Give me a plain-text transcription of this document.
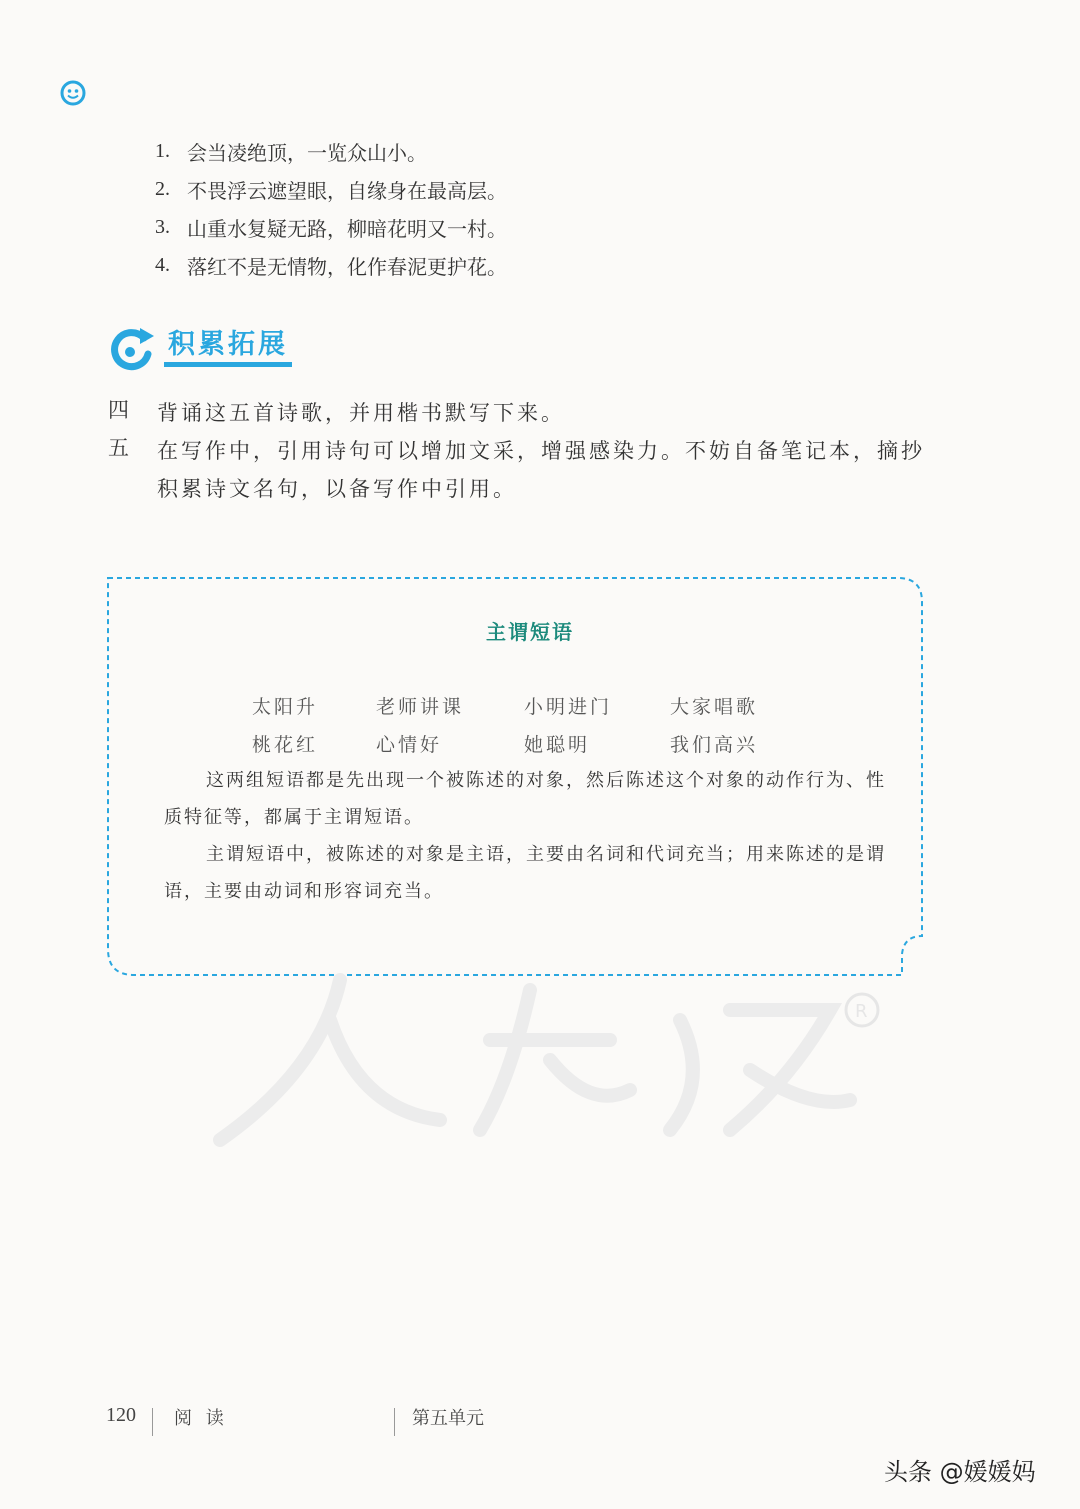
1. 会当凌绝顶，一览众山小。
2. 不畏浮云遮望眼，自缘身在最高层。
3. 山重水复疑无路，柳暗花明又一村。
4. 落红不是无情物，化作春泥更护花。
积累拓展
四 背诵这五首诗歌，并用楷书默写下来。
五 在写作中，引用诗句可以增加文采，增强感染力。不妨自备笔记本，摘抄积累诗文名句，以备写作中引用。
主谓短语
太阳升	老师讲课	小明进门	大家唱歌
桃花红	心情好	她聪明	我们高兴
这两组短语都是先出现一个被陈述的对象，然后陈述这个对象的动作行为、性质特征等，都属于主谓短语。
主谓短语中，被陈述的对象是主语，主要由名词和代词充当；用来陈述的是谓语，主要由动词和形容词充当。
R
120 阅 读	第五单元
头条 @媛媛妈
